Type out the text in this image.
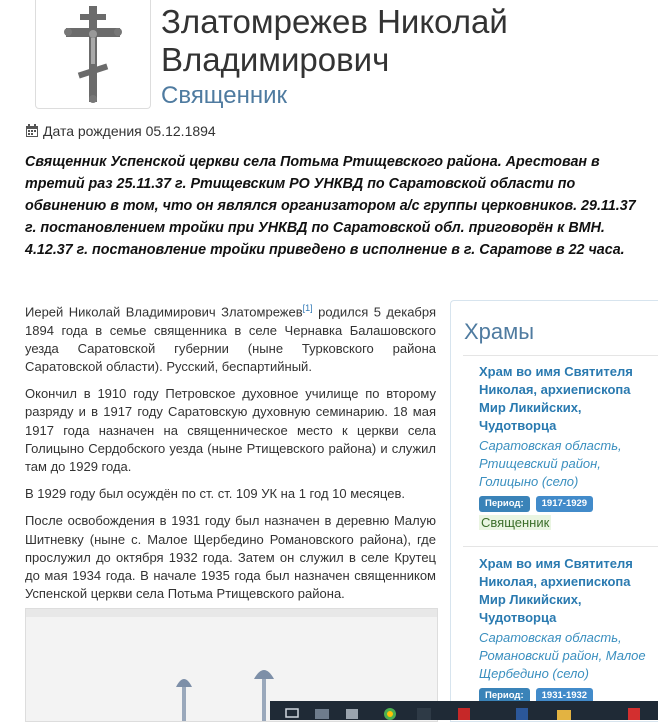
Златомрежев Николай Владимирович
Священник
Дата рождения 05.12.1894
Священник Успенской церкви села Потьма Ртищевского района. Арестован в третий раз 25.11.37 г. Ртищевским РО УНКВД по Саратовской области по обвинению в том, что он являлся организатором а/с группы церковников. 29.11.37 г. постановлением тройки при УНКВД по Саратовской обл. приговорён к ВМН. 4.12.37 г. постановление тройки приведено в исполнение в г. Саратове в 22 часа.

Иерей Николай Владимирович Златомрежев[1] родился 5 декабря 1894 года в семье священника в селе Чернавка Балашовского уезда Саратовской губернии (ныне Турковского района Саратовской области). Русский, беспартийный.

Окончил в 1910 году Петровское духовное училище по второму разряду и в 1917 году Саратовскую духовную семинарию. 18 мая 1917 года назначен на священническое место к церкви села Голицыно Сердобского уезда (ныне Ртищевского района) и служил там до 1929 года.

В 1929 году был осуждён по ст. ст. 109 УК на 1 год 10 месяцев.

После освобождения в 1931 году был назначен в деревню Малую Шитневку (ныне с. Малое Щербедино Романовского района), где прослужил до октября 1932 года. Затем он служил в селе Крутец до мая 1934 года. В начале 1935 года был назначен священником Успенской церкви села Потьма Ртищевского района.

Храмы
Храм во имя Святителя Николая, архиепископа Мир Ликийских, Чудотворца
Саратовская область, Ртищевский район, Голицыно (село)
Период:	1917-1929
Священник
Храм во имя Святителя Николая, архиепископа Мир Ликийских, Чудотворца
Саратовская область, Романовский район, Малое Щербедино (село)
Период:	1931-1932
